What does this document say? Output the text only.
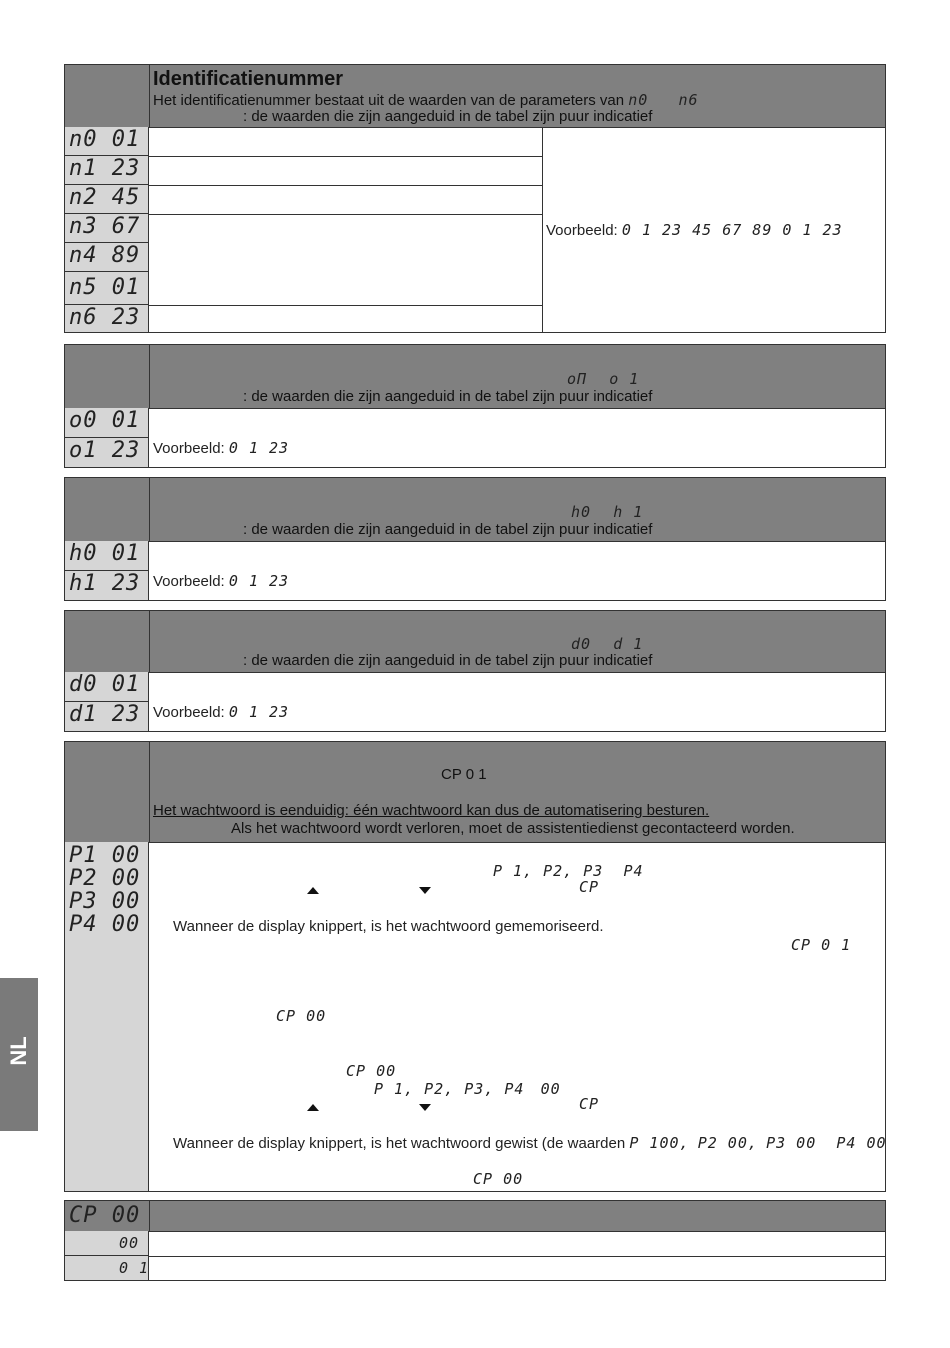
NL
Identificatienummer
Het identificatienummer bestaat uit de waarden van de parameters van n0 n6
: de waarden die zijn aangeduid in de tabel zijn puur indicatief
n0 01
n1 23
n2 45
n3 67
n4 89
n5 01
n6 23
Voorbeeld: 0 1 23 45 67 89 0 1 23
oΠ o 1
: de waarden die zijn aangeduid in de tabel zijn puur indicatief
o0 01
o1 23 Voorbeeld: 0 1 23
h0 h 1
: de waarden die zijn aangeduid in de tabel zijn puur indicatief
h0 01
h1 23 Voorbeeld: 0 1 23
d0 d 1
: de waarden die zijn aangeduid in de tabel zijn puur indicatief
d0 01
d1 23 Voorbeeld: 0 1 23
CP 0 1
Het wachtwoord is eenduidig: één wachtwoord kan dus de automatisering besturen.
Als het wachtwoord wordt verloren, moet de assistentiedienst gecontacteerd worden.
P1 00
P2 00
P3 00
P4 00
P 1, P2, P3 P4
CP
Wanneer de display knippert, is het wachtwoord gememoriseerd.
CP 0 1
CP 00
CP 00
P 1, P2, P3, P4 00
CP
Wanneer de display knippert, is het wachtwoord gewist (de waarden P 100, P2 00, P3 00 P4 00
CP 00
CP 00
00
0 1
